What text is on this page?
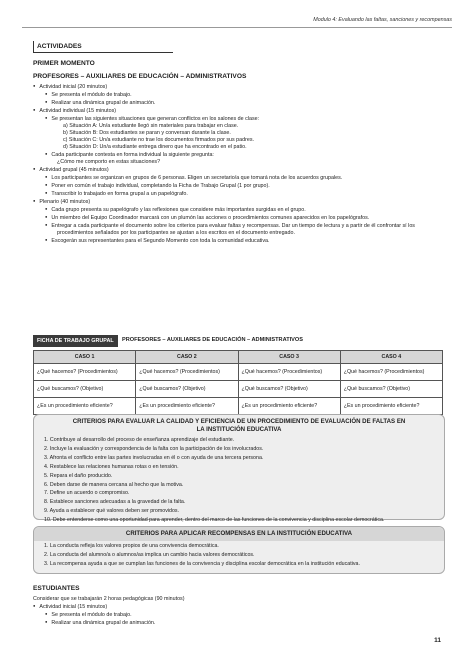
Modulo 4: Evaluando las faltas, sanciones y recompensas
ACTIVIDADES
PRIMER MOMENTO
PROFESORES – AUXILIARES DE EDUCACIÓN – ADMINISTRATIVOS
● Actividad inicial (20 minutos)
● Se presenta el módulo de trabajo.
● Realizar una dinámica grupal de animación.
● Actividad individual (15 minutos)
● Se presentan las siguientes situaciones que generan conflictos en los salones de clase:
a) Situación A: Un/a estudiante llegó sin materiales para trabajar en clase.
b) Situación B: Dos estudiantes se paran y conversan durante la clase.
c) Situación C: Un/a estudiante no trae los documentos firmados por sus padres.
d) Situación D: Un/a estudiante entrega dinero que ha encontrado en el patio.
● Cada participante contesta en forma individual la siguiente pregunta:
¿Cómo me comporto en estas situaciones?
● Actividad grupal (45 minutos)
● Los participantes se organizan en grupos de 6 personas. Eligen un secretario/a que tomará nota de los acuerdos grupales.
● Poner en común el trabajo individual, completando la Ficha de Trabajo Grupal (1 por grupo).
● Transcribir lo trabajado en forma grupal a un papelógrafo.
● Plenario (40 minutos)
● Cada grupo presenta su papelógrafo y las reflexiones que considere más importantes surgidas en el grupo.
● Un miembro del Equipo Coordinador marcará con un plumón las acciones o procedimientos comunes aparecidos en los papelógrafos.
● Entregar a cada participante el documento sobre los criterios para evaluar faltas y recompensas. Dar un tiempo de lectura y a partir de él confrontar sí los
procedimientos señalados por los participantes se ajustan a los escritos en el documento entregado.
● Escogerán sus representantes para el Segundo Momento con toda la comunidad educativa.
FICHA DE TRABAJO GRUPAL	PROFESORES – AUXILIARES DE EDUCACIÓN – ADMINISTRATIVOS
CASO 1	CASO 2	CASO 3	CASO 4
¿Qué hacemos? (Procedimientos)	¿Qué hacemos? (Procedimientos)	¿Qué hacemos? (Procedimientos)	¿Qué hacemos? (Procedimientos)
¿Qué buscamos? (Objetivo)	¿Qué buscamos? (Objetivo)	¿Qué buscamos? (Objetivo)	¿Qué buscamos? (Objetivo)
¿Es un procedimiento eficiente?	¿Es un procedimiento eficiente?	¿Es un procedimiento eficiente?	¿Es un procedimiento eficiente?
CRITERIOS PARA EVALUAR LA CALIDAD Y EFICIENCIA DE UN PROCEDIMIENTO DE EVALUACIÓN DE FALTAS EN
LA INSTITUCIÓN EDUCATIVA
1. Contribuye al desarrollo del proceso de enseñanza aprendizaje del estudiante.
2. Incluye la evaluación y correspondencia de la falta con la participación de los involucrados.
3. Afronta el conflicto entre las partes involucradas en él o con ayuda de una tercera persona.
4. Restablece las relaciones humanas rotas o en tensión.
5. Repara el daño producido.
6. Deben darse de manera cercana al hecho que la motiva.
7. Define un acuerdo o compromiso.
8. Establece sanciones adecuadas a la gravedad de la falta.
9. Ayuda a establecer qué valores deben ser promovidos.
10. Debe entenderse como una oportunidad para aprender, dentro del marco de las funciones de la convivencia y disciplina escolar democrática.
CRITERIOS PARA APLICAR RECOMPENSAS EN LA INSTITUCIÓN EDUCATIVA
1. La conducta refleja los valores propios de una convivencia democrática.
2. La conducta del alumno/a o alumnos/as implica un cambio hacia valores democráticos.
3. La recompensa ayuda a que se cumplan las funciones de la convivencia y disciplina escolar democrática en la institución educativa.
ESTUDIANTES
Considerar que se trabajarán 2 horas pedagógicas (90 minutos)
● Actividad inicial (15 minutos)
● Se presenta el módulo de trabajo.
● Realizar una dinámica grupal de animación.
11
